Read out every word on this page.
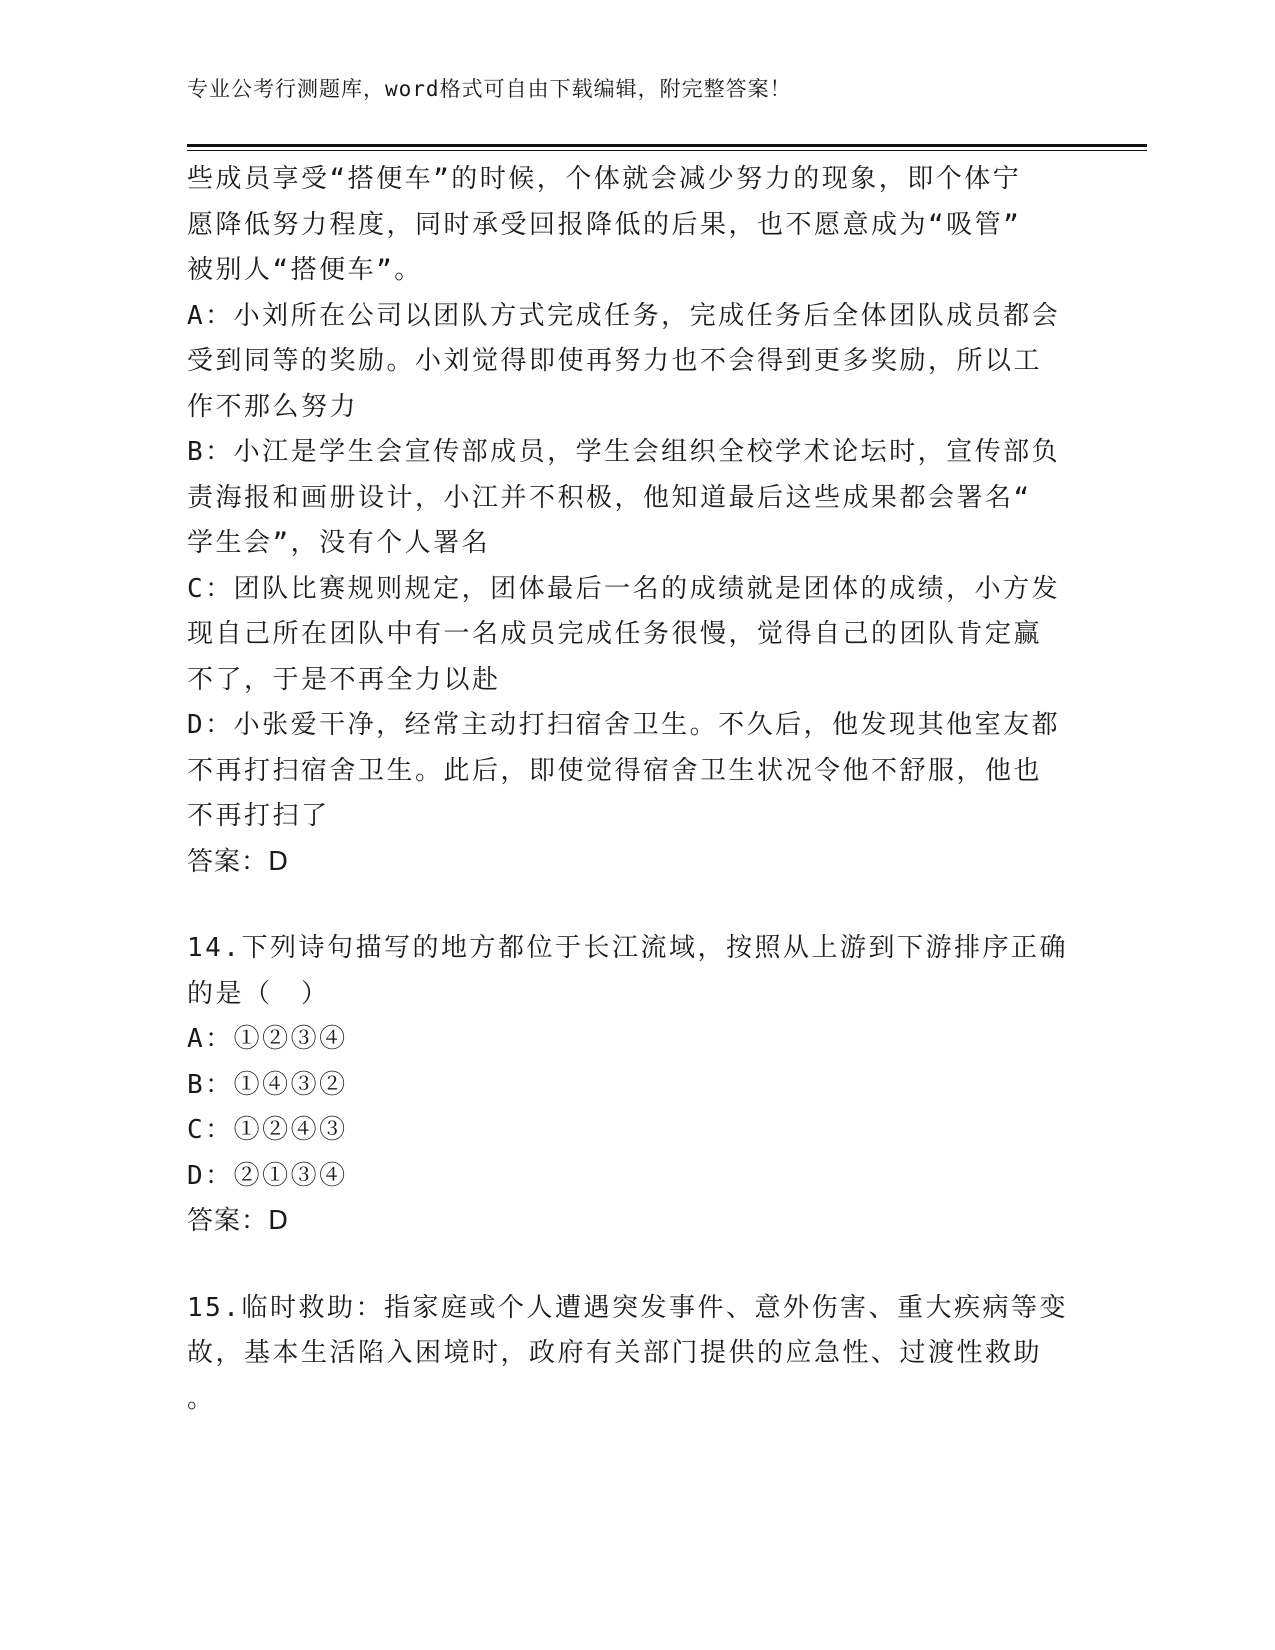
专业公考行测题库，word格式可自由下载编辑，附完整答案！
些成员享受“搭便车”的时候，个体就会减少努力的现象，即个体宁
愿降低努力程度，同时承受回报降低的后果，也不愿意成为“吸管”
被别人“搭便车”。
A：小刘所在公司以团队方式完成任务，完成任务后全体团队成员都会
受到同等的奖励。小刘觉得即使再努力也不会得到更多奖励，所以工
作不那么努力
B：小江是学生会宣传部成员，学生会组织全校学术论坛时，宣传部负
责海报和画册设计，小江并不积极，他知道最后这些成果都会署名“
学生会”，没有个人署名
C：团队比赛规则规定，团体最后一名的成绩就是团体的成绩，小方发
现自己所在团队中有一名成员完成任务很慢，觉得自己的团队肯定赢
不了，于是不再全力以赴
D：小张爱干净，经常主动打扫宿舍卫生。不久后，他发现其他室友都
不再打扫宿舍卫生。此后，即使觉得宿舍卫生状况令他不舒服，他也
不再打扫了
答案：D
14.下列诗句描写的地方都位于长江流域，按照从上游到下游排序正确
的是（　）
A：①②③④
B：①④③②
C：①②④③
D：②①③④
答案：D
15.临时救助：指家庭或个人遭遇突发事件、意外伤害、重大疾病等变
故，基本生活陷入困境时，政府有关部门提供的应急性、过渡性救助
。
